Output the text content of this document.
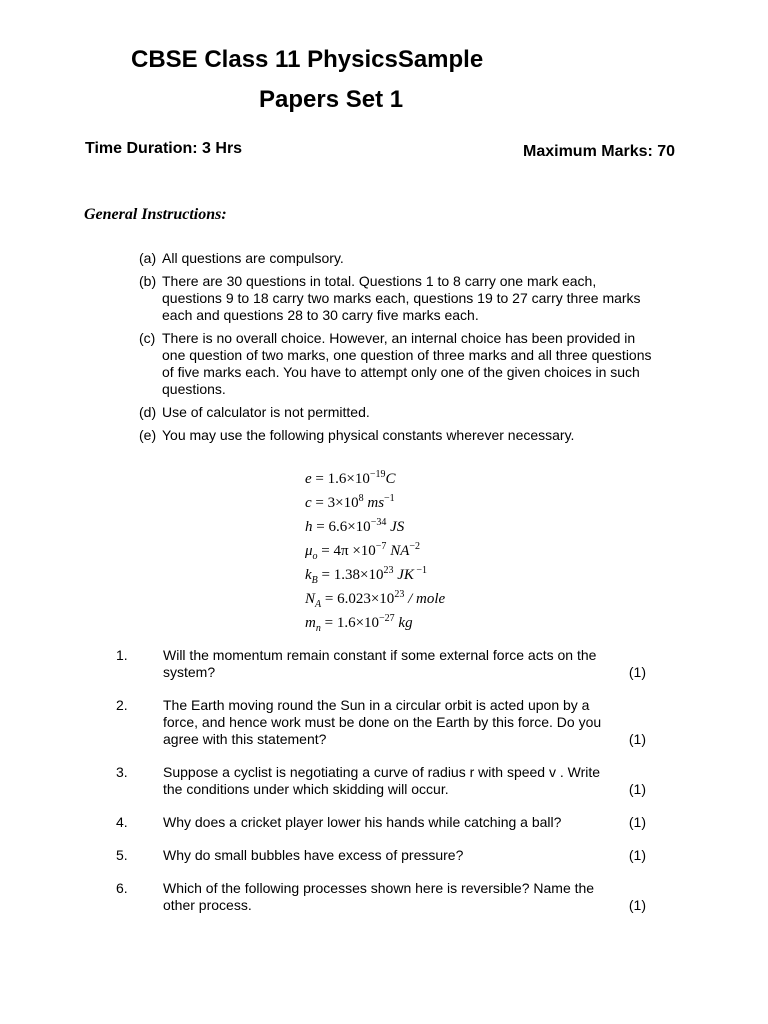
CBSE Class 11 PhysicsSample
Papers Set 1
Time Duration: 3 Hrs	Maximum Marks: 70
General Instructions:
(a) All questions are compulsory.
(b) There are 30 questions in total. Questions 1 to 8 carry one mark each, questions 9 to 18 carry two marks each, questions 19 to 27 carry three marks each and questions 28 to 30 carry five marks each.
(c) There is no overall choice. However, an internal choice has been provided in one question of two marks, one question of three marks and all three questions of five marks each. You have to attempt only one of the given choices in such questions.
(d) Use of calculator is not permitted.
(e) You may use the following physical constants wherever necessary.
$e = 1.6\times 10^{-19}C$
$c = 3\times 10^8$ $ms^{-1}$
$h = 6.6\times 10^{-34}$ JS
$\mu_o = 4\pi \times 10^{-7}$ $NA^{-2}$
$k_B = 1.38\times 10^{23}$ JK $^{-1}$
$N_A = 6.023\times 10^{23}$ / mole
$m_n = 1.6\times 10^{-27}$ kg
1.	Will the momentum remain constant if some external force acts on the
system?	(1)
2.	The Earth moving round the Sun in a circular orbit is acted upon by a
force, and hence work must be done on the Earth by this force. Do you
agree with this statement?	(1)
3.	Suppose a cyclist is negotiating a curve of radius r with speed v . Write
the conditions under which skidding will occur.	(1)
4.	Why does a cricket player lower his hands while catching a ball?	(1)
5.	Why do small bubbles have excess of pressure?	(1)
6.	Which of the following processes shown here is reversible? Name the
other process.	(1)
